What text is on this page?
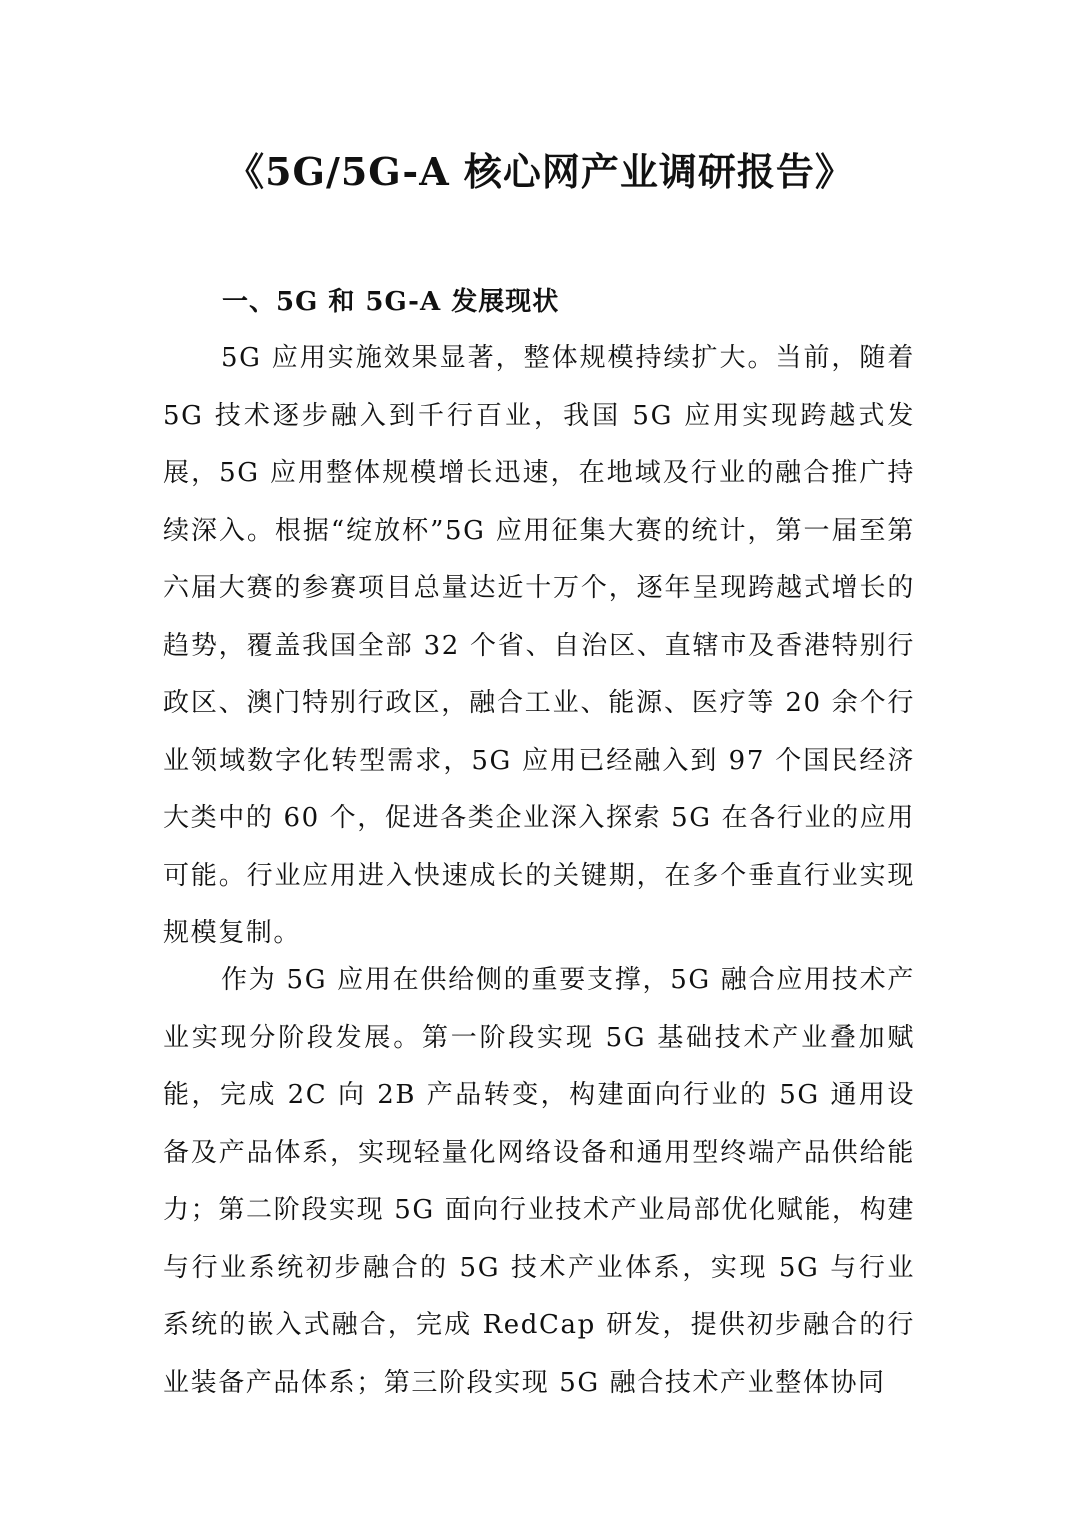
《5G/5G-A 核心网产业调研报告》
一、5G 和 5G-A 发展现状

5G 应用实施效果显著，整体规模持续扩大。当前，随着 5G 技术逐步融入到千行百业，我国 5G 应用实现跨越式发展，5G 应用整体规模增长迅速，在地域及行业的融合推广持续深入。根据“绽放杯”5G 应用征集大赛的统计，第一届至第六届大赛的参赛项目总量达近十万个，逐年呈现跨越式增长的趋势，覆盖我国全部 32 个省、自治区、直辖市及香港特别行政区、澳门特别行政区，融合工业、能源、医疗等 20 余个行业领域数字化转型需求，5G 应用已经融入到 97 个国民经济大类中的 60 个，促进各类企业深入探索 5G 在各行业的应用可能。行业应用进入快速成长的关键期，在多个垂直行业实现规模复制。

作为 5G 应用在供给侧的重要支撑，5G 融合应用技术产业实现分阶段发展。第一阶段实现 5G 基础技术产业叠加赋能，完成 2C 向 2B 产品转变，构建面向行业的 5G 通用设备及产品体系，实现轻量化网络设备和通用型终端产品供给能力；第二阶段实现 5G 面向行业技术产业局部优化赋能，构建与行业系统初步融合的 5G 技术产业体系，实现 5G 与行业系统的嵌入式融合，完成 RedCap 研发，提供初步融合的行业装备产品体系；第三阶段实现 5G 融合技术产业整体协同
